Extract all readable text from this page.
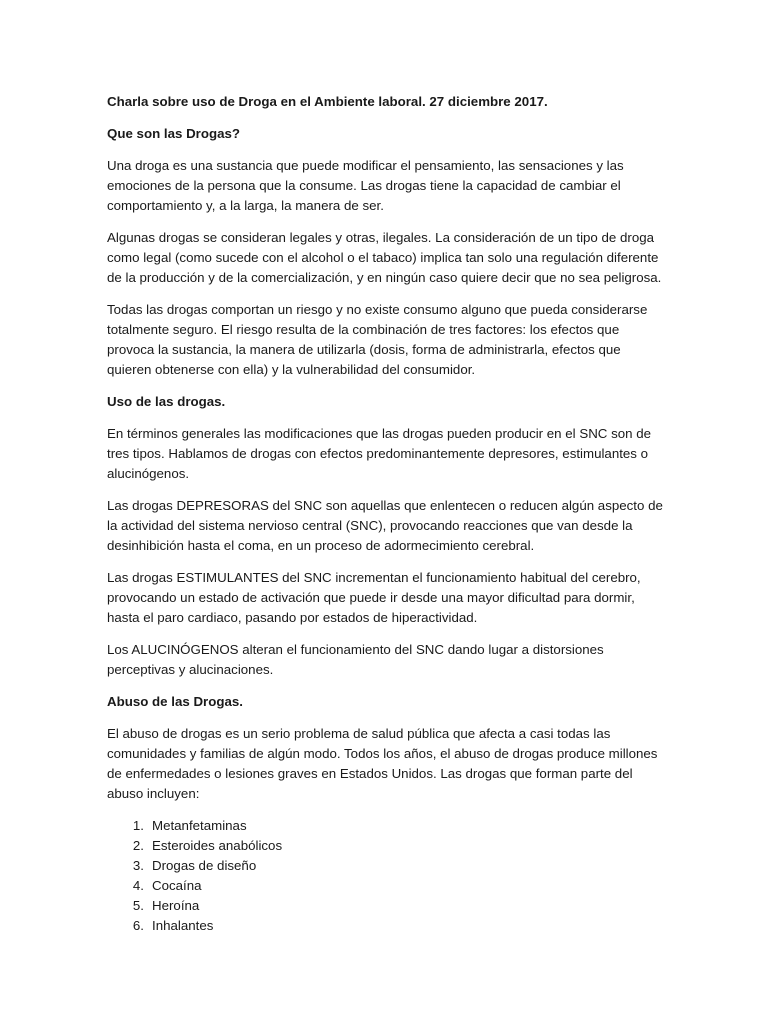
Charla sobre uso de Droga en el Ambiente laboral. 27 diciembre 2017.

Que son las Drogas?

Una droga es una sustancia que puede modificar el pensamiento, las sensaciones y las emociones de la persona que la consume. Las drogas tiene la capacidad de cambiar el comportamiento y, a la larga, la manera de ser.

Algunas drogas se consideran legales y otras, ilegales. La consideración de un tipo de droga como legal (como sucede con el alcohol o el tabaco) implica tan solo una regulación diferente de la producción y de la comercialización, y en ningún caso quiere decir que no sea peligrosa.

Todas las drogas comportan un riesgo y no existe consumo alguno que pueda considerarse totalmente seguro. El riesgo resulta de la combinación de tres factores: los efectos que provoca la sustancia, la manera de utilizarla (dosis, forma de administrarla, efectos que quieren obtenerse con ella) y la vulnerabilidad del consumidor.

Uso de las drogas.

En términos generales las modificaciones que las drogas pueden producir en el SNC son de tres tipos. Hablamos de drogas con efectos predominantemente depresores, estimulantes o alucinógenos.

Las drogas DEPRESORAS del SNC son aquellas que enlentecen o reducen algún aspecto de la actividad del sistema nervioso central (SNC), provocando reacciones que van desde la desinhibición hasta el coma, en un proceso de adormecimiento cerebral.

Las drogas ESTIMULANTES del SNC incrementan el funcionamiento habitual del cerebro, provocando un estado de activación que puede ir desde una mayor dificultad para dormir, hasta el paro cardiaco, pasando por estados de hiperactividad.

Los ALUCINÓGENOS alteran el funcionamiento del SNC dando lugar a distorsiones perceptivas y alucinaciones.

Abuso de las Drogas.

El abuso de drogas es un serio problema de salud pública que afecta a casi todas las comunidades y familias de algún modo. Todos los años, el abuso de drogas produce millones de enfermedades o lesiones graves en Estados Unidos. Las drogas que forman parte del abuso incluyen:

1. Metanfetaminas
2. Esteroides anabólicos
3. Drogas de diseño
4. Cocaína
5. Heroína
6. Inhalantes
